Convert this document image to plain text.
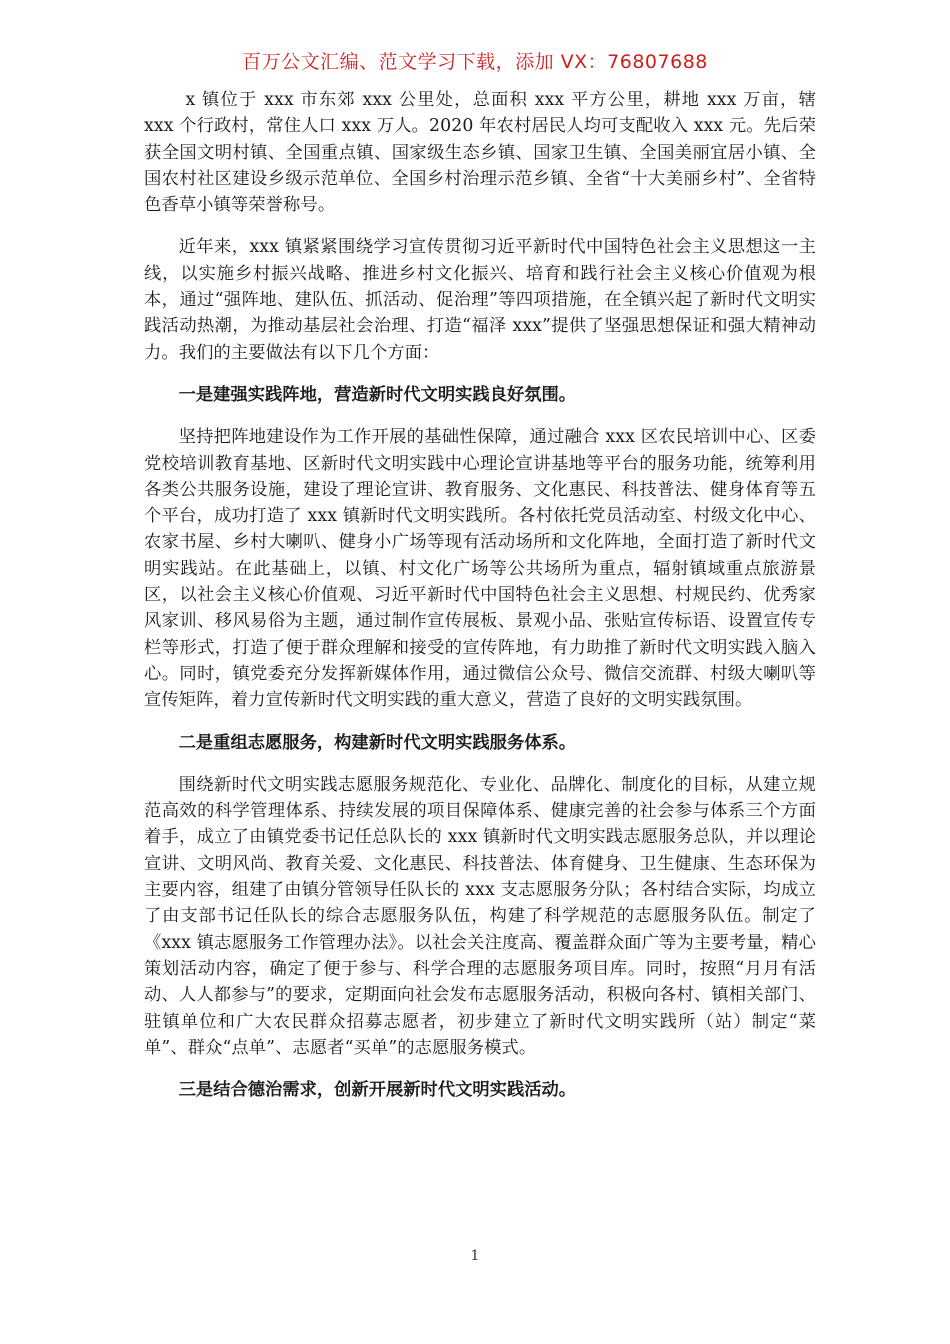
百万公文汇编、范文学习下载，添加 VX：76807688

x 镇位于 xxx 市东郊 xxx 公里处，总面积 xxx 平方公里，耕地 xxx 万亩，辖 xxx 个行政村，常住人口 xxx 万人。2020 年农村居民人均可支配收入 xxx 元。先后荣获全国文明村镇、全国重点镇、国家级生态乡镇、国家卫生镇、全国美丽宜居小镇、全国农村社区建设乡级示范单位、全国乡村治理示范乡镇、全省“十大美丽乡村”、全省特色香草小镇等荣誉称号。

近年来，xxx 镇紧紧围绕学习宣传贯彻习近平新时代中国特色社会主义思想这一主线，以实施乡村振兴战略、推进乡村文化振兴、培育和践行社会主义核心价值观为根本，通过“强阵地、建队伍、抓活动、促治理”等四项措施，在全镇兴起了新时代文明实践活动热潮，为推动基层社会治理、打造“福泽 xxx”提供了坚强思想保证和强大精神动力。我们的主要做法有以下几个方面：

一是建强实践阵地，营造新时代文明实践良好氛围。

坚持把阵地建设作为工作开展的基础性保障，通过融合 xxx 区农民培训中心、区委党校培训教育基地、区新时代文明实践中心理论宣讲基地等平台的服务功能，统筹利用各类公共服务设施，建设了理论宣讲、教育服务、文化惠民、科技普法、健身体育等五个平台，成功打造了 xxx 镇新时代文明实践所。各村依托党员活动室、村级文化中心、农家书屋、乡村大喇叭、健身小广场等现有活动场所和文化阵地，全面打造了新时代文明实践站。在此基础上，以镇、村文化广场等公共场所为重点，辐射镇域重点旅游景区，以社会主义核心价值观、习近平新时代中国特色社会主义思想、村规民约、优秀家风家训、移风易俗为主题，通过制作宣传展板、景观小品、张贴宣传标语、设置宣传专栏等形式，打造了便于群众理解和接受的宣传阵地，有力助推了新时代文明实践入脑入心。同时，镇党委充分发挥新媒体作用，通过微信公众号、微信交流群、村级大喇叭等宣传矩阵，着力宣传新时代文明实践的重大意义，营造了良好的文明实践氛围。

二是重组志愿服务，构建新时代文明实践服务体系。

围绕新时代文明实践志愿服务规范化、专业化、品牌化、制度化的目标，从建立规范高效的科学管理体系、持续发展的项目保障体系、健康完善的社会参与体系三个方面着手，成立了由镇党委书记任总队长的 xxx 镇新时代文明实践志愿服务总队，并以理论宣讲、文明风尚、教育关爱、文化惠民、科技普法、体育健身、卫生健康、生态环保为主要内容，组建了由镇分管领导任队长的 xxx 支志愿服务分队；各村结合实际，均成立了由支部书记任队长的综合志愿服务队伍，构建了科学规范的志愿服务队伍。制定了《xxx 镇志愿服务工作管理办法》。以社会关注度高、覆盖群众面广等为主要考量，精心策划活动内容，确定了便于参与、科学合理的志愿服务项目库。同时，按照“月月有活动、人人都参与”的要求，定期面向社会发布志愿服务活动，积极向各村、镇相关部门、驻镇单位和广大农民群众招募志愿者，初步建立了新时代文明实践所（站）制定“菜单”、群众“点单”、志愿者“买单”的志愿服务模式。

三是结合德治需求，创新开展新时代文明实践活动。

1
